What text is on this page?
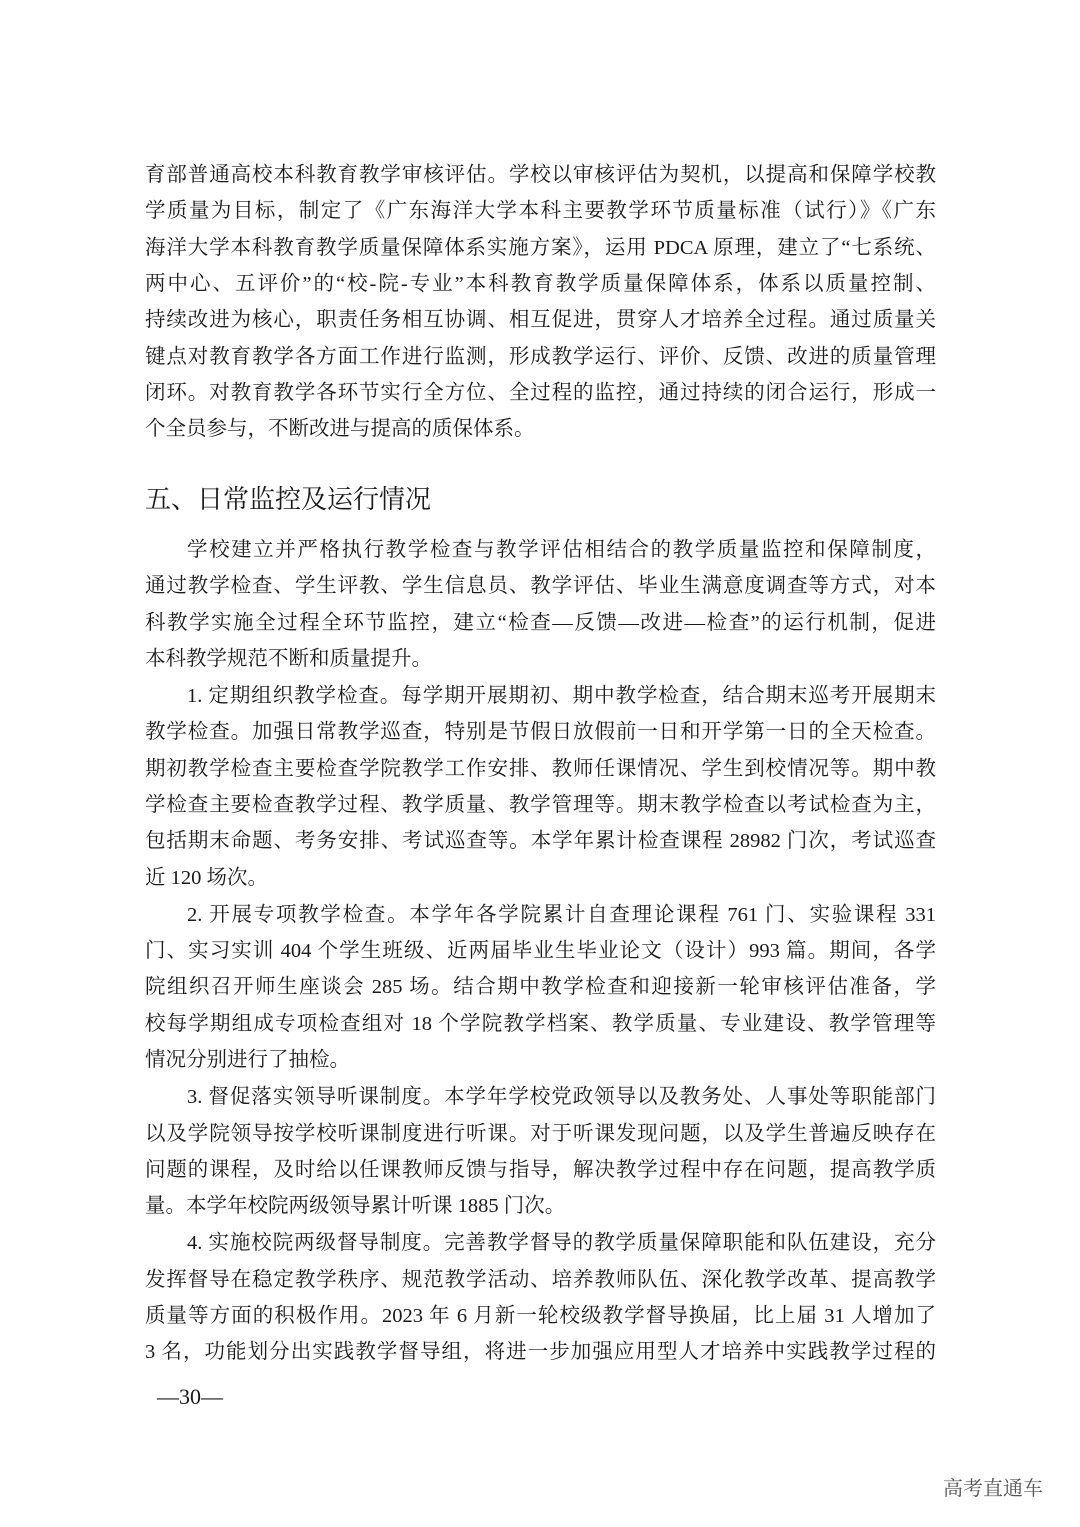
五、日常监控及运行情况
—30—
高考直通车
育部普通高校本科教育教学审核评估。学校以审核评估为契机，以提高和保障学校教
学质量为目标，制定了《广东海洋大学本科主要教学环节质量标准（试行）》《广东
海洋大学本科教育教学质量保障体系实施方案》，运用 PDCA 原理，建立了“七系统、
两中心、五评价”的“校-院-专业”本科教育教学质量保障体系，体系以质量控制、
持续改进为核心，职责任务相互协调、相互促进，贯穿人才培养全过程。通过质量关
键点对教育教学各方面工作进行监测，形成教学运行、评价、反馈、改进的质量管理
闭环。对教育教学各环节实行全方位、全过程的监控，通过持续的闭合运行，形成一
个全员参与，不断改进与提高的质保体系。
学校建立并严格执行教学检查与教学评估相结合的教学质量监控和保障制度，
通过教学检查、学生评教、学生信息员、教学评估、毕业生满意度调查等方式，对本
科教学实施全过程全环节监控，建立“检查—反馈—改进—检查”的运行机制，促进
本科教学规范不断和质量提升。
1. 定期组织教学检查。每学期开展期初、期中教学检查，结合期末巡考开展期末
教学检查。加强日常教学巡查，特别是节假日放假前一日和开学第一日的全天检查。
期初教学检查主要检查学院教学工作安排、教师任课情况、学生到校情况等。期中教
学检查主要检查教学过程、教学质量、教学管理等。期末教学检查以考试检查为主，
包括期末命题、考务安排、考试巡查等。本学年累计检查课程 28982 门次，考试巡查
近 120 场次。
2. 开展专项教学检查。本学年各学院累计自查理论课程 761 门、实验课程 331
门、实习实训 404 个学生班级、近两届毕业生毕业论文（设计）993 篇。期间，各学
院组织召开师生座谈会 285 场。结合期中教学检查和迎接新一轮审核评估准备，学
校每学期组成专项检查组对 18 个学院教学档案、教学质量、专业建设、教学管理等
情况分别进行了抽检。
3. 督促落实领导听课制度。本学年学校党政领导以及教务处、人事处等职能部门
以及学院领导按学校听课制度进行听课。对于听课发现问题，以及学生普遍反映存在
问题的课程，及时给以任课教师反馈与指导，解决教学过程中存在问题，提高教学质
量。本学年校院两级领导累计听课 1885 门次。
4. 实施校院两级督导制度。完善教学督导的教学质量保障职能和队伍建设，充分
发挥督导在稳定教学秩序、规范教学活动、培养教师队伍、深化教学改革、提高教学
质量等方面的积极作用。2023 年 6 月新一轮校级教学督导换届，比上届 31 人增加了
3 名，功能划分出实践教学督导组，将进一步加强应用型人才培养中实践教学过程的
